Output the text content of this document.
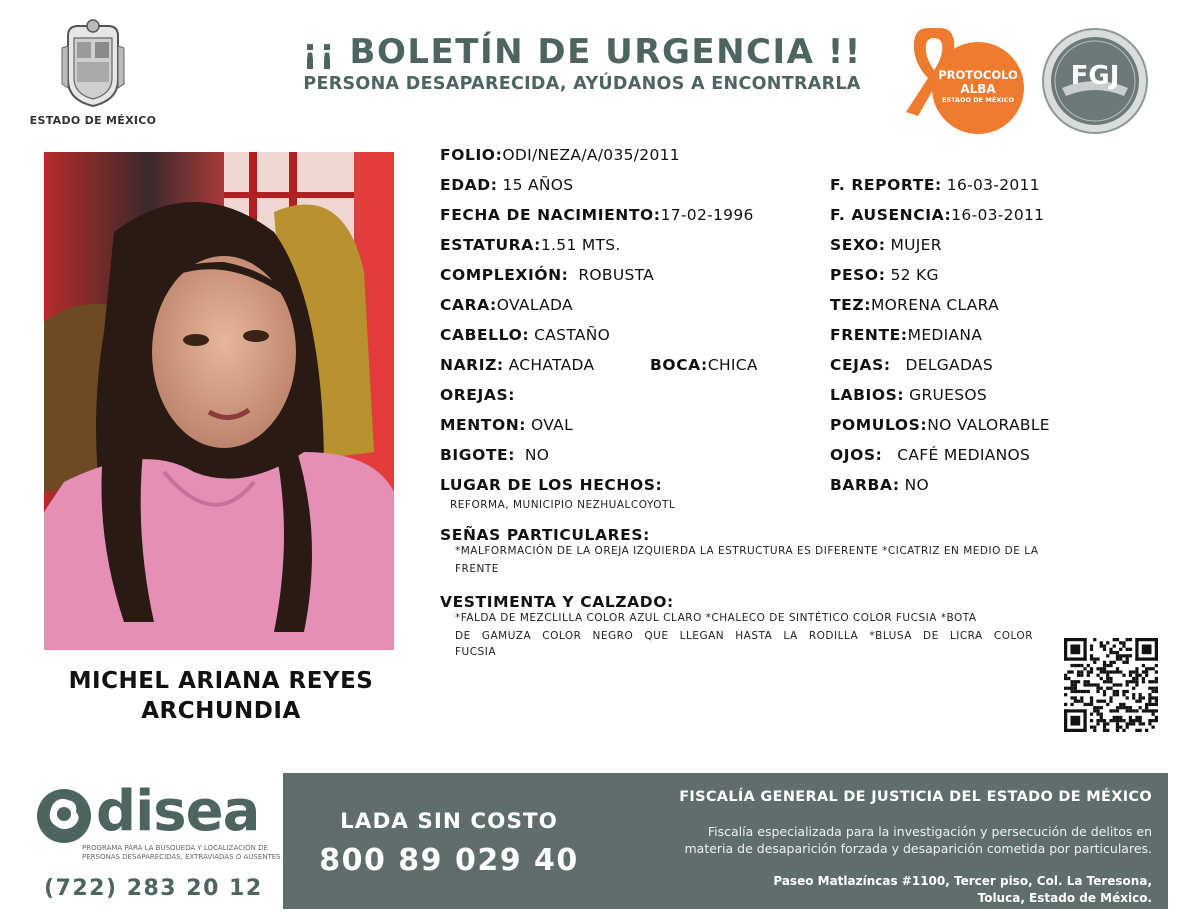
ESTADO DE MÉXICO
¡¡ BOLETÍN DE URGENCIA !!
PERSONA DESAPARECIDA, AYÚDANOS A ENCONTRARLA	PROTOCOLO
ALBA
ESTADO DE MÉXICO
FGJ
MICHEL ARIANA REYES
ARCHUNDIA
FOLIO:ODI/NEZA/A/035/2011
EDAD: 15 AÑOS
FECHA DE NACIMIENTO:17-02-1996
ESTATURA:1.51 MTS.
COMPLEXIÓN: ROBUSTA
CARA:OVALADA
CABELLO: CASTAÑO
NARIZ: ACHATADA	BOCA:CHICA
OREJAS:
MENTON: OVAL
BIGOTE: NO
LUGAR DE LOS HECHOS:
REFORMA, MUNICIPIO NEZHUALCOYOTL
F. REPORTE: 16-03-2011
F. AUSENCIA:16-03-2011
SEXO: MUJER
PESO: 52 KG
TEZ:MORENA CLARA
FRENTE:MEDIANA
CEJAS: DELGADAS
LABIOS: GRUESOS
POMULOS:NO VALORABLE
OJOS: CAFÉ MEDIANOS
BARBA: NO
SEÑAS PARTICULARES:
*MALFORMACIÓN DE LA OREJA IZQUIERDA LA ESTRUCTURA ES DIFERENTE *CICATRIZ EN MEDIO DE LA
FRENTE
VESTIMENTA Y CALZADO:
*FALDA DE MEZCLILLA COLOR AZUL CLARO *CHALECO DE SINTÉTICO COLOR FUCSIA *BOTA
DE GAMUZA COLOR NEGRO QUE LLEGAN HASTA LA RODILLA *BLUSA DE LICRA COLOR
FUCSIA
disea
PROGRAMA PARA LA BÚSQUEDA Y LOCALIZACIÓN DE PERSONAS DESAPARECIDAS, EXTRAVIADAS O AUSENTES
(722) 283 20 12
LADA SIN COSTO
800 89 029 40
FISCALÍA GENERAL DE JUSTICIA DEL ESTADO DE MÉXICO
Fiscalía especializada para la investigación y persecución de delitos en
materia de desaparición forzada y desaparición cometida por particulares.
Paseo Matlazíncas #1100, Tercer piso, Col. La Teresona,
Toluca, Estado de México.
